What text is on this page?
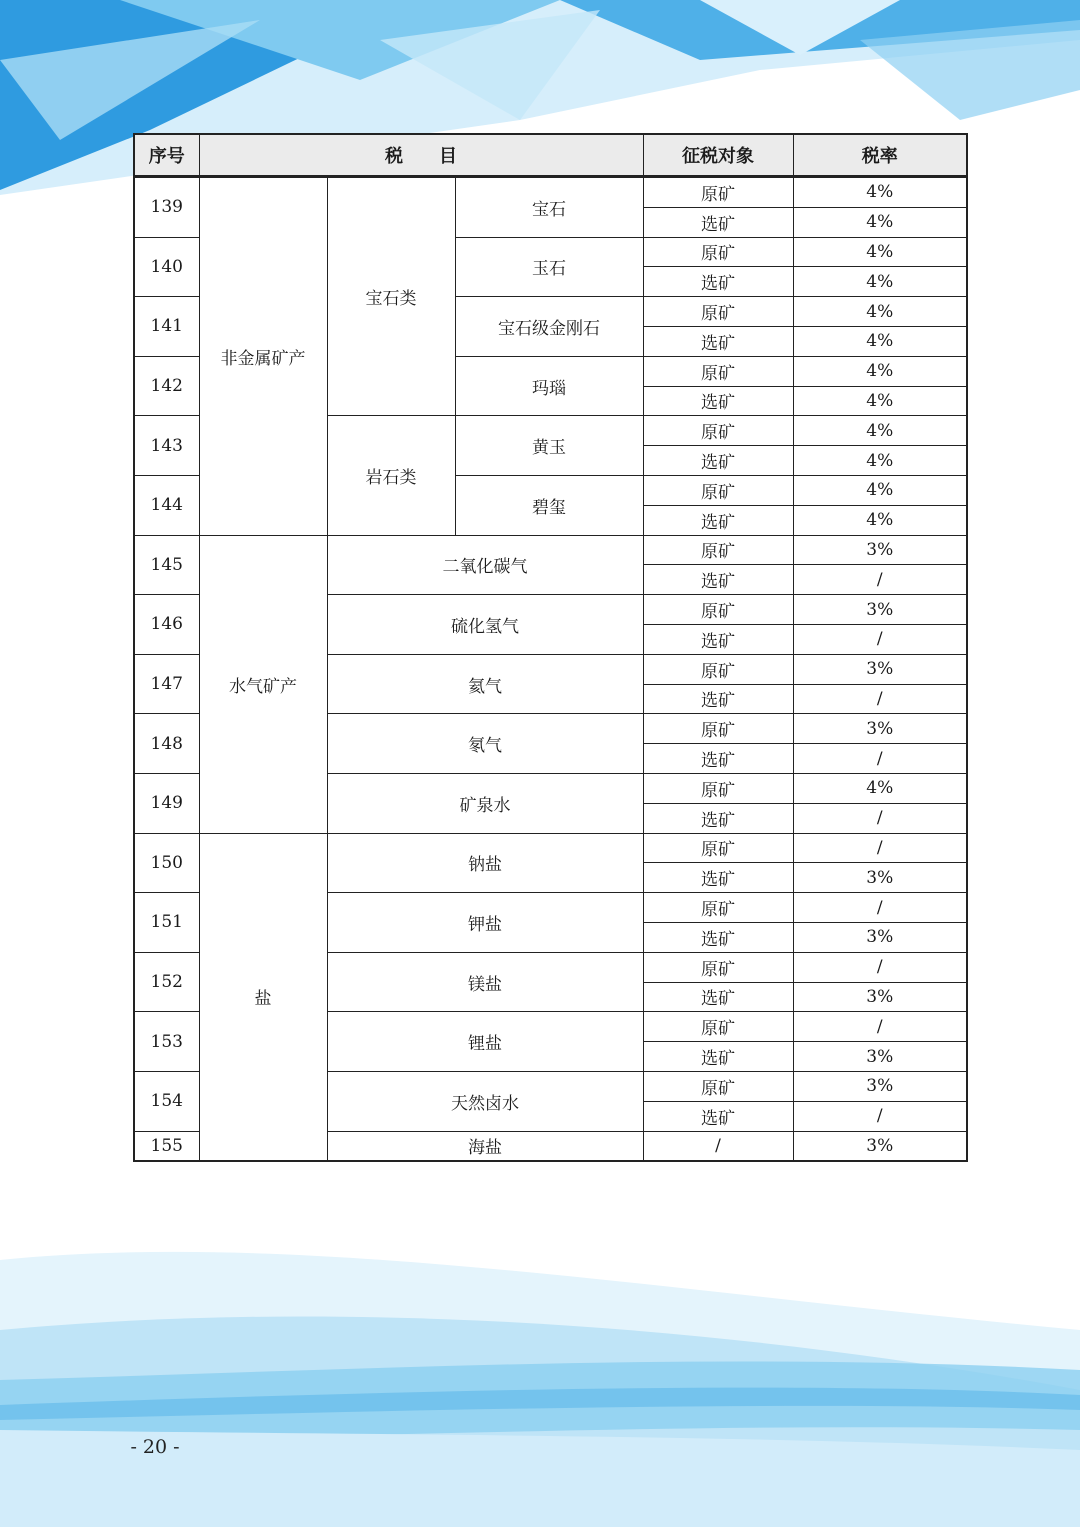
序号	税　　目			征税对象	税率
139	非金属矿产	宝石类	宝石	原矿	4%
				选矿	4%
140			玉石	原矿	4%
				选矿	4%
141			宝石级金刚石	原矿	4%
				选矿	4%
142			玛瑙	原矿	4%
				选矿	4%
143		岩石类	黄玉	原矿	4%
				选矿	4%
144			碧玺	原矿	4%
				选矿	4%
145	水气矿产	二氧化碳气		原矿	3%
				选矿	/
146		硫化氢气		原矿	3%
				选矿	/
147		氦气		原矿	3%
				选矿	/
148		氡气		原矿	3%
				选矿	/
149		矿泉水		原矿	4%
				选矿	/
150	盐	钠盐		原矿	/
				选矿	3%
151		钾盐		原矿	/
				选矿	3%
152		镁盐		原矿	/
				选矿	3%
153		锂盐		原矿	/
				选矿	3%
154		天然卤水		原矿	3%
				选矿	/
155		海盐		/	3%
- 20 -
